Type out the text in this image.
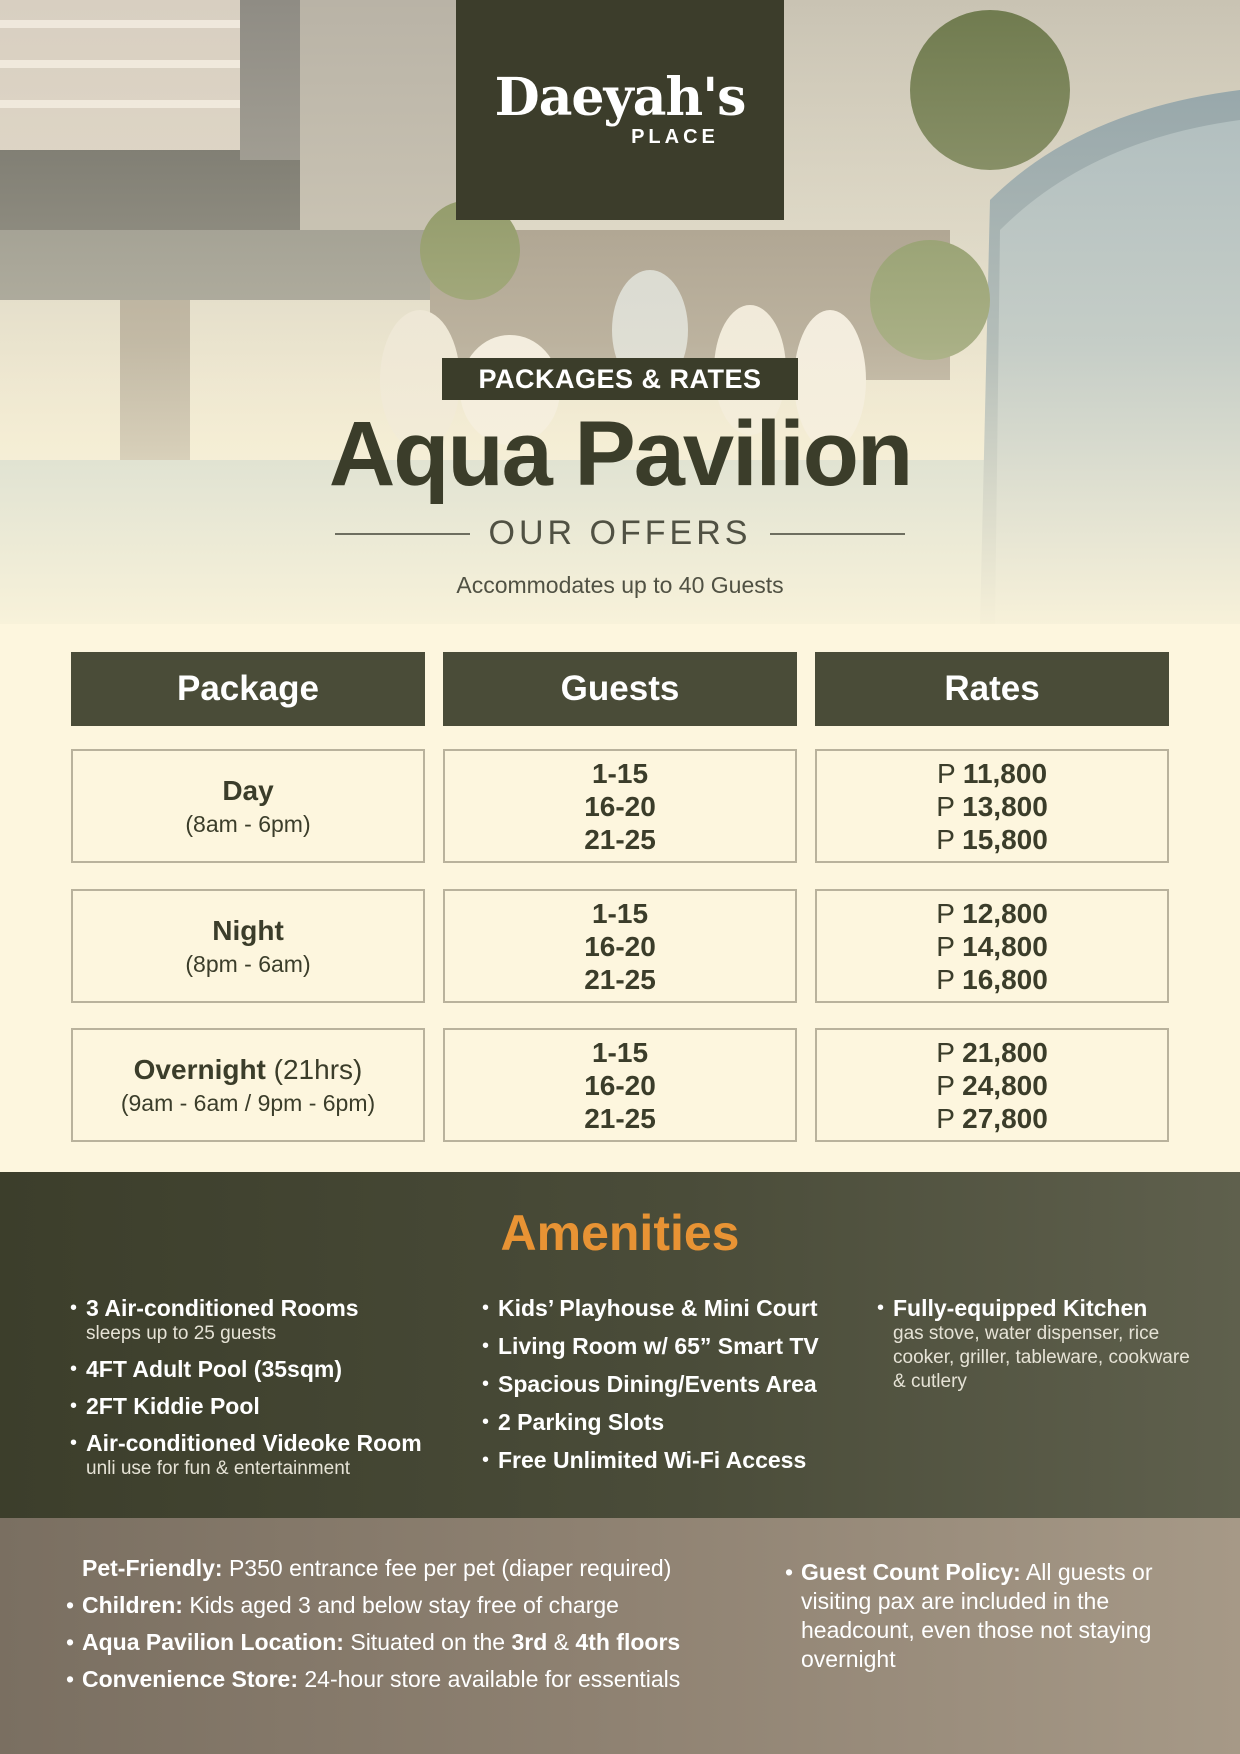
Daeyah's
PLACE
PACKAGES & RATES
Aqua Pavilion
OUR OFFERS
Accommodates up to 40 Guests
Package	Guests	Rates
Day
(8am - 6pm)
1-15
16-20
21-25
P 11,800
P 13,800
P 15,800
Night
(8pm - 6am)
1-15
16-20
21-25
P 12,800
P 14,800
P 16,800
Overnight (21hrs)
(9am - 6am / 9pm - 6pm)
1-15
16-20
21-25
P 21,800
P 24,800
P 27,800
Amenities
• 3 Air-conditioned Rooms
sleeps up to 25 guests
• 4FT Adult Pool (35sqm)
• 2FT Kiddie Pool
• Air-conditioned Videoke Room
unli use for fun & entertainment
• Kids’ Playhouse & Mini Court
• Living Room w/ 65” Smart TV
• Spacious Dining/Events Area
• 2 Parking Slots
• Free Unlimited Wi-Fi Access
• Fully-equipped Kitchen
gas stove, water dispenser, rice cooker, griller, tableware, cookware & cutlery
Pet-Friendly: P350 entrance fee per pet (diaper required)
• Children: Kids aged 3 and below stay free of charge
• Aqua Pavilion Location: Situated on the 3rd & 4th floors
• Convenience Store: 24-hour store available for essentials
• Guest Count Policy: All guests or visiting pax are included in the headcount, even those not staying overnight
